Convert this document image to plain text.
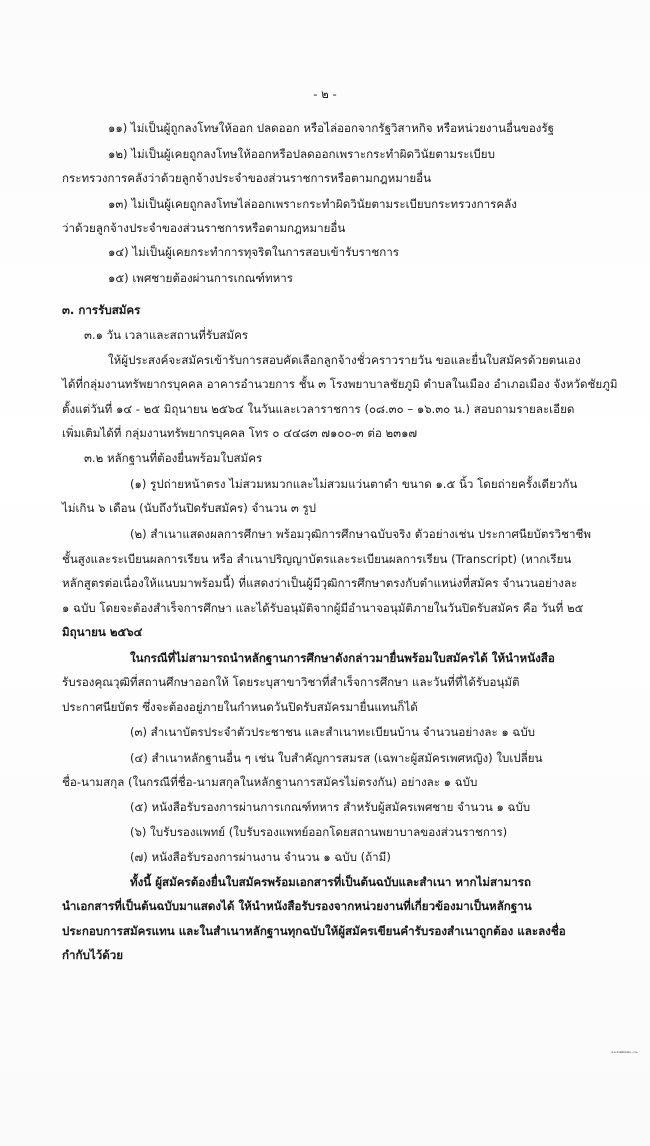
- ๒ -
๑๑) ไม่เป็นผู้ถูกลงโทษให้ออก ปลดออก หรือไล่ออกจากรัฐวิสาหกิจ หรือหน่วยงานอื่นของรัฐ
๑๒) ไม่เป็นผู้เคยถูกลงโทษให้ออกหรือปลดออกเพราะกระทำผิดวินัยตามระเบียบ
กระทรวงการคลังว่าด้วยลูกจ้างประจำของส่วนราชการหรือตามกฎหมายอื่น
๑๓) ไม่เป็นผู้เคยถูกลงโทษไล่ออกเพราะกระทำผิดวินัยตามระเบียบกระทรวงการคลัง
ว่าด้วยลูกจ้างประจำของส่วนราชการหรือตามกฎหมายอื่น
๑๔) ไม่เป็นผู้เคยกระทำการทุจริตในการสอบเข้ารับราชการ
๑๕) เพศชายต้องผ่านการเกณฑ์ทหาร
๓. การรับสมัคร
๓.๑ วัน เวลาและสถานที่รับสมัคร
ให้ผู้ประสงค์จะสมัครเข้ารับการสอบคัดเลือกลูกจ้างชั่วคราวรายวัน ขอและยื่นใบสมัครด้วยตนเอง
ได้ที่กลุ่มงานทรัพยากรบุคคล อาคารอำนวยการ ชั้น ๓ โรงพยาบาลชัยภูมิ ตำบลในเมือง อำเภอเมือง จังหวัดชัยภูมิ
ตั้งแต่วันที่ ๑๔ - ๒๕ มิถุนายน ๒๕๖๔ ในวันและเวลาราชการ (๐๘.๓๐ – ๑๖.๓๐ น.) สอบถามรายละเอียด
เพิ่มเติมได้ที่ กลุ่มงานทรัพยากรบุคคล โทร ๐ ๔๔๘๓ ๗๑๐๐-๓ ต่อ ๒๓๑๗
๓.๒ หลักฐานที่ต้องยื่นพร้อมใบสมัคร
(๑) รูปถ่ายหน้าตรง ไม่สวมหมวกและไม่สวมแว่นตาดำ ขนาด ๑.๕ นิ้ว โดยถ่ายครั้งเดียวกัน
ไม่เกิน ๖ เดือน (นับถึงวันปิดรับสมัคร) จำนวน ๓ รูป
(๒) สำเนาแสดงผลการศึกษา พร้อมวุฒิการศึกษาฉบับจริง ตัวอย่างเช่น ประกาศนียบัตรวิชาชีพ
ชั้นสูงและระเบียนผลการเรียน หรือ สำเนาปริญญาบัตรและระเบียนผลการเรียน (Transcript) (หากเรียน
หลักสูตรต่อเนื่องให้แนบมาพร้อมนี้) ที่แสดงว่าเป็นผู้มีวุฒิการศึกษาตรงกับตำแหน่งที่สมัคร จำนวนอย่างละ
๑ ฉบับ โดยจะต้องสำเร็จการศึกษา และได้รับอนุมัติจากผู้มีอำนาจอนุมัติภายในวันปิดรับสมัคร คือ วันที่ ๒๕
มิถุนายน ๒๕๖๔
ในกรณีที่ไม่สามารถนำหลักฐานการศึกษาดังกล่าวมายื่นพร้อมใบสมัครได้ ให้นำหนังสือ
รับรองคุณวุฒิที่สถานศึกษาออกให้ โดยระบุสาขาวิชาที่สำเร็จการศึกษา และวันที่ที่ได้รับอนุมัติ
ประกาศนียบัตร ซึ่งจะต้องอยู่ภายในกำหนดวันปิดรับสมัครมายื่นแทนก็ได้
(๓) สำเนาบัตรประจำตัวประชาชน และสำเนาทะเบียนบ้าน จำนวนอย่างละ ๑ ฉบับ
(๔) สำเนาหลักฐานอื่น ๆ เช่น ใบสำคัญการสมรส (เฉพาะผู้สมัครเพศหญิง) ใบเปลี่ยน
ชื่อ-นามสกุล (ในกรณีที่ชื่อ-นามสกุลในหลักฐานการสมัครไม่ตรงกัน) อย่างละ ๑ ฉบับ
(๕) หนังสือรับรองการผ่านการเกณฑ์ทหาร สำหรับผู้สมัครเพศชาย จำนวน ๑ ฉบับ
(๖) ใบรับรองแพทย์ (ใบรับรองแพทย์ออกโดยสถานพยาบาลของส่วนราชการ)
(๗) หนังสือรับรองการผ่านงาน จำนวน ๑ ฉบับ (ถ้ามี)
ทั้งนี้ ผู้สมัครต้องยื่นใบสมัครพร้อมเอกสารที่เป็นต้นฉบับและสำเนา หากไม่สามารถ
นำเอกสารที่เป็นต้นฉบับมาแสดงได้ ให้นำหนังสือรับรองจากหน่วยงานที่เกี่ยวข้องมาเป็นหลักฐาน
ประกอบการสมัครแทน และในสำเนาหลักฐานทุกฉบับให้ผู้สมัครเขียนคำรับรองสำเนาถูกต้อง และลงชื่อ
กำกับไว้ด้วย
๓.๓ ค่าสมัครสอบ.../-๓-
